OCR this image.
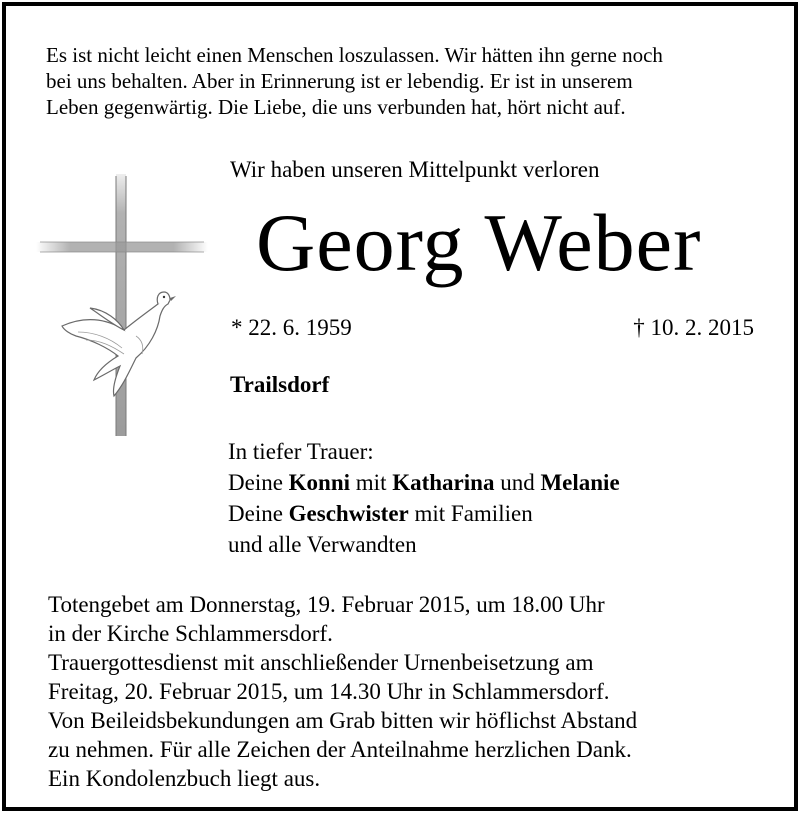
Es ist nicht leicht einen Menschen loszulassen. Wir hätten ihn gerne noch
bei uns behalten. Aber in Erinnerung ist er lebendig. Er ist in unserem
Leben gegenwärtig. Die Liebe, die uns verbunden hat, hört nicht auf.
Wir haben unseren Mittelpunkt verloren
Georg Weber
* 22. 6. 1959	† 10. 2. 2015
Trailsdorf
In tiefer Trauer:
Deine Konni mit Katharina und Melanie
Deine Geschwister mit Familien
und alle Verwandten
Totengebet am Donnerstag, 19. Februar 2015, um 18.00 Uhr
in der Kirche Schlammersdorf.
Trauergottesdienst mit anschließender Urnenbeisetzung am
Freitag, 20. Februar 2015, um 14.30 Uhr in Schlammersdorf.
Von Beileidsbekundungen am Grab bitten wir höflichst Abstand
zu nehmen. Für alle Zeichen der Anteilnahme herzlichen Dank.
Ein Kondolenzbuch liegt aus.
